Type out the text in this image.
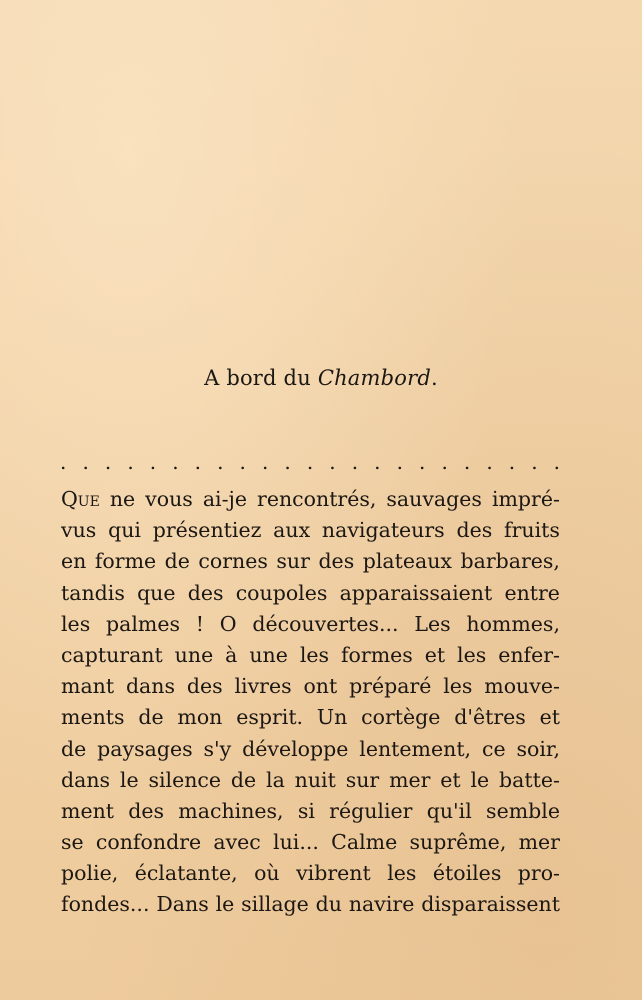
A bord du Chambord.
. . . . . . . . . . . . . . . . . . . . . . .
Que ne vous ai-je rencontrés, sauvages impré-
vus qui présentiez aux navigateurs des fruits
en forme de cornes sur des plateaux barbares,
tandis que des coupoles apparaissaient entre
les palmes ! O découvertes... Les hommes,
capturant une à une les formes et les enfer-
mant dans des livres ont préparé les mouve-
ments de mon esprit. Un cortège d'êtres et
de paysages s'y développe lentement, ce soir,
dans le silence de la nuit sur mer et le batte-
ment des machines, si régulier qu'il semble
se confondre avec lui... Calme suprême, mer
polie, éclatante, où vibrent les étoiles pro-
fondes... Dans le sillage du navire disparaissent
